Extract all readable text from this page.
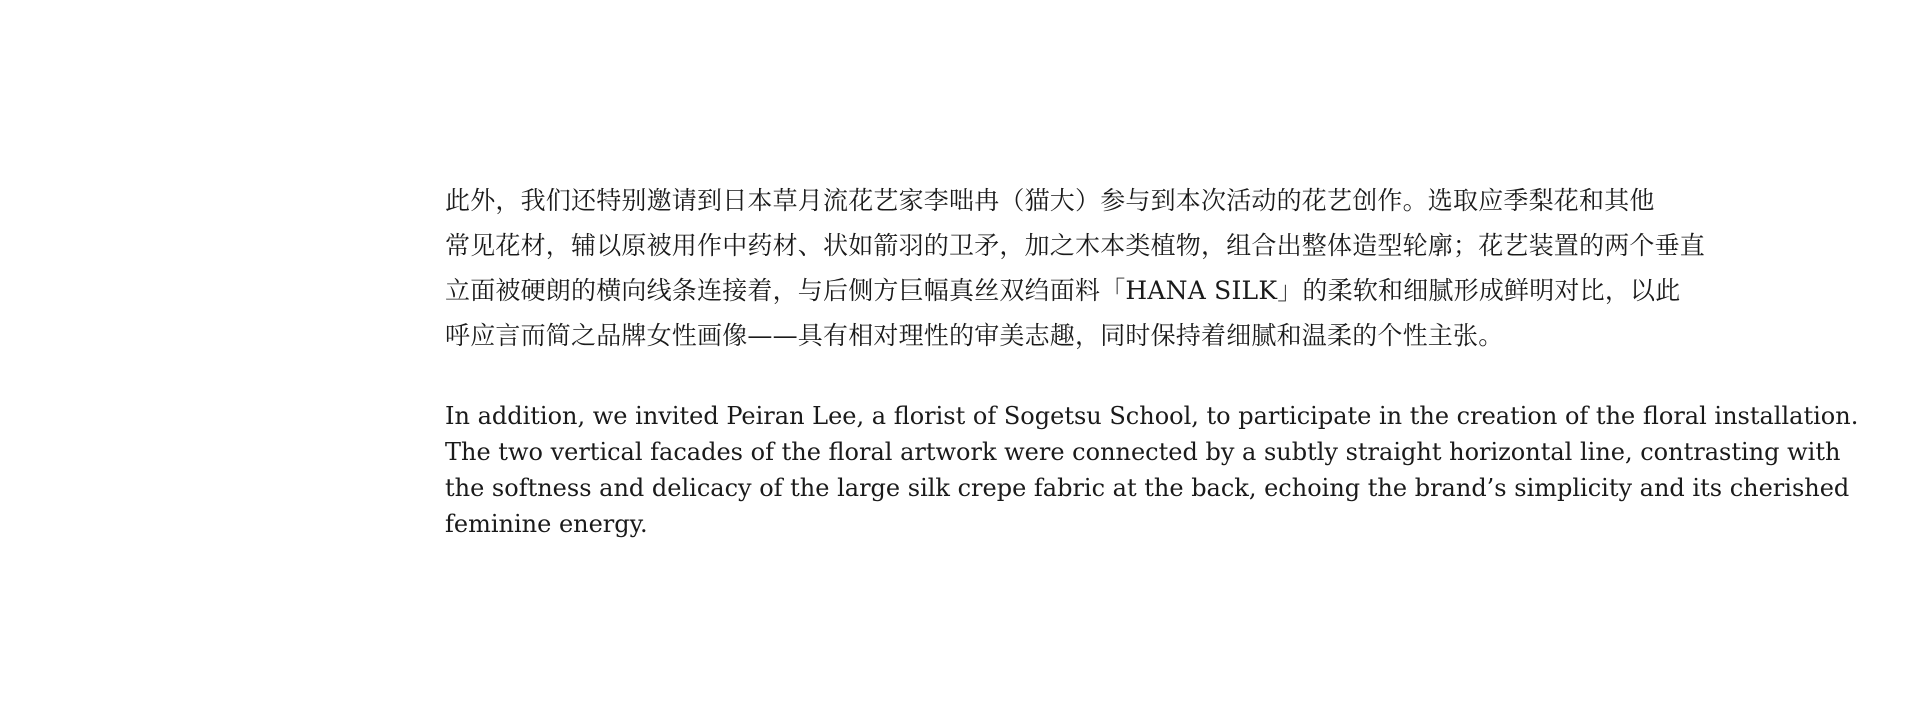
此外，我们还特别邀请到日本草月流花艺家李咄冉（猫大）参与到本次活动的花艺创作。选取应季梨花和其他
常见花材，辅以原被用作中药材、状如箭羽的卫矛，加之木本类植物，组合出整体造型轮廓；花艺装置的两个垂直
立面被硬朗的横向线条连接着，与后侧方巨幅真丝双绉面料「HANA SILK」的柔软和细腻形成鲜明对比，以此
呼应言而简之品牌女性画像——具有相对理性的审美志趣，同时保持着细腻和温柔的个性主张。

In addition, we invited Peiran Lee, a florist of Sogetsu School, to participate in the creation of the floral installation.
The two vertical facades of the floral artwork were connected by a subtly straight horizontal line, contrasting with
the softness and delicacy of the large silk crepe fabric at the back, echoing the brand’s simplicity and its cherished
feminine energy.
